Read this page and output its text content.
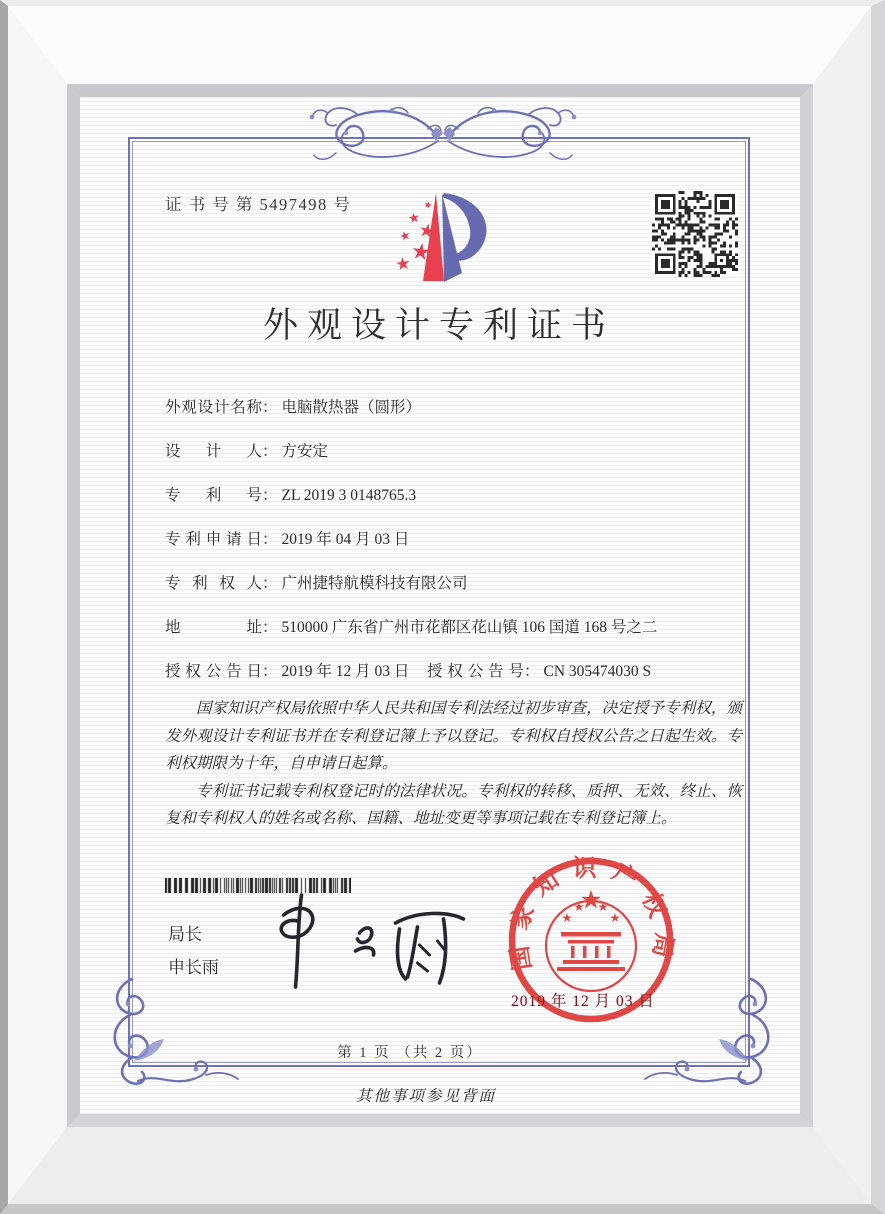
证 书 号 第 5497498 号
外观设计专利证书
外观设计名称： 电脑散热器（圆形）
设计人： 方安定
专利号： ZL 2019 3 0148765.3
专利申请日： 2019 年 04 月 03 日
专利权人： 广州捷特航模科技有限公司
地址： 510000 广东省广州市花都区花山镇 106 国道 168 号之二
授权公告日： 2019 年 12 月 03 日 授权公告号： CN 305474030 S

国家知识产权局依照中华人民共和国专利法经过初步审查，决定授予专利权，颁发外观设计专利证书并在专利登记簿上予以登记。专利权自授权公告之日起生效。专利权期限为十年，自申请日起算。

专利证书记载专利权登记时的法律状况。专利权的转移、质押、无效、终止、恢复和专利权人的姓名或名称、国籍、地址变更等事项记载在专利登记簿上。

局长
申长雨	国家知识产权局
2019 年 12 月 03 日
第 1 页 （共 2 页）
其他事项参见背面
